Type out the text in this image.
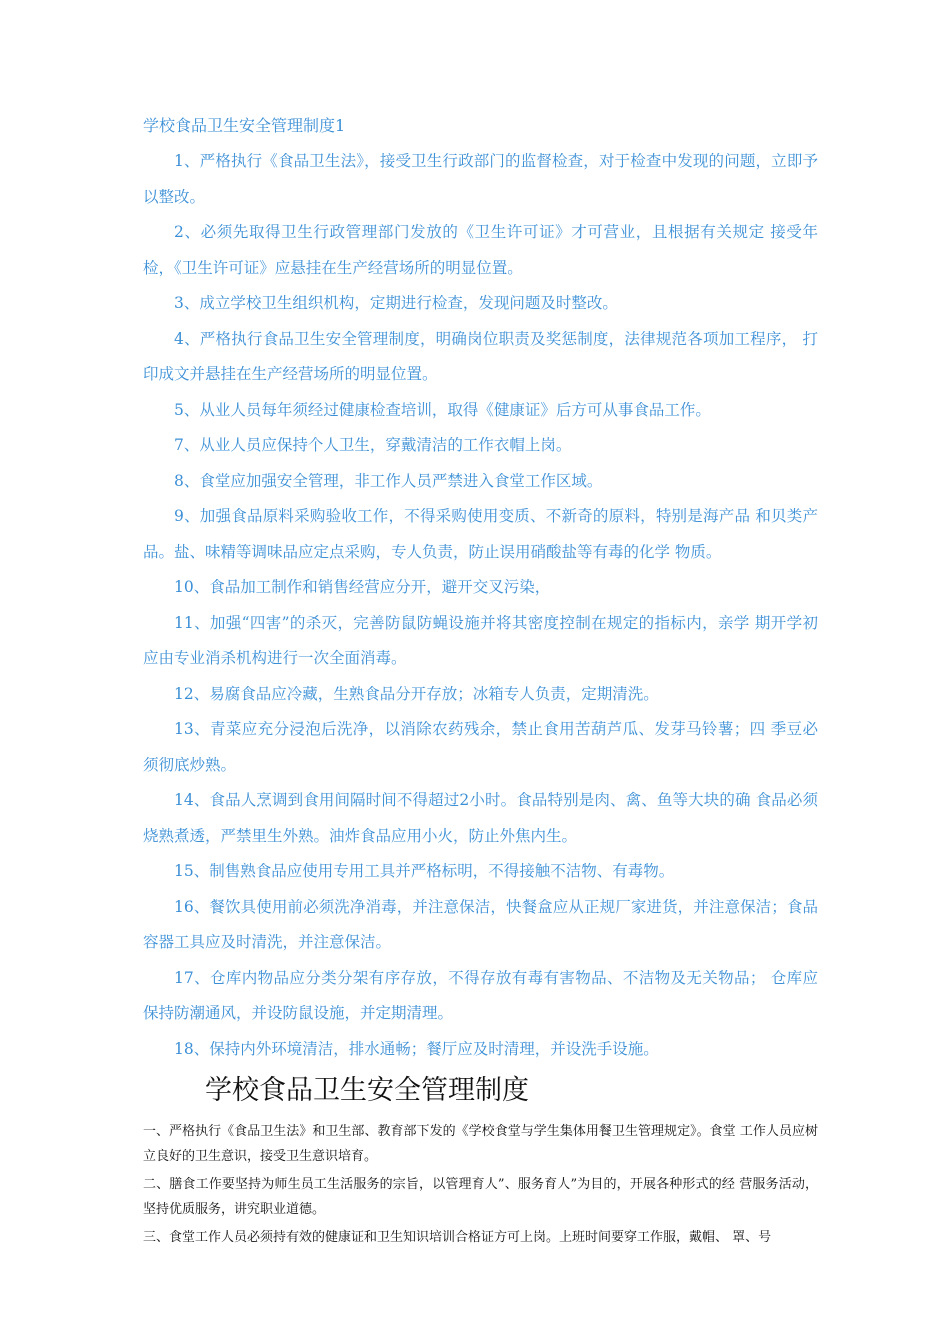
学校食品卫生安全管理制度1

1、严格执行《食品卫生法》，接受卫生行政部门的监督检查，对于检查中发现的问题，立即予以整改。

2、必须先取得卫生行政管理部门发放的《卫生许可证》才可营业，且根据有关规定 接受年检，《卫生许可证》应悬挂在生产经营场所的明显位置。

3、成立学校卫生组织机构，定期进行检查，发现问题及时整改。

4、严格执行食品卫生安全管理制度，明确岗位职责及奖惩制度，法律规范各项加工程序， 打印成文并悬挂在生产经营场所的明显位置。

5、从业人员每年须经过健康检查培训，取得《健康证》后方可从事食品工作。

7、从业人员应保持个人卫生，穿戴清洁的工作衣帽上岗。

8、食堂应加强安全管理，非工作人员严禁进入食堂工作区域。

9、加强食品原料采购验收工作，不得采购使用变质、不新奇的原料，特别是海产品 和贝类产品。盐、味精等调味品应定点采购，专人负责，防止误用硝酸盐等有毒的化学 物质。

10、食品加工制作和销售经营应分开，避开交叉污染，

11、加强“四害”的杀灭，完善防鼠防蝇设施并将其密度控制在规定的指标内，亲学 期开学初应由专业消杀机构进行一次全面消毒。

12、易腐食品应冷藏，生熟食品分开存放；冰箱专人负责，定期清洗。

13、青菜应充分浸泡后洗净，以消除农药残余，禁止食用苦葫芦瓜、发芽马铃薯；四 季豆必须彻底炒熟。

14、食品人烹调到食用间隔时间不得超过2小时。食品特别是肉、禽、鱼等大块的确 食品必须烧熟煮透，严禁里生外熟。油炸食品应用小火，防止外焦内生。

15、制售熟食品应使用专用工具并严格标明，不得接触不洁物、有毒物。

16、餐饮具使用前必须洗净消毒，并注意保洁，快餐盒应从正规厂家进货，并注意保洁；食品容器工具应及时清洗，并注意保洁。

17、仓库内物品应分类分架有序存放，不得存放有毒有害物品、不洁物及无关物品； 仓库应保持防潮通风，并设防鼠设施，并定期清理。

18、保持内外环境清洁，排水通畅；餐厅应及时清理，并设洗手设施。

学校食品卫生安全管理制度

一、严格执行《食品卫生法》和卫生部、教育部下发的《学校食堂与学生集体用餐卫生管理规定》。食堂 工作人员应树立良好的卫生意识，接受卫生意识培育。

二、膳食工作要坚持为师生员工生活服务的宗旨，以管理育人”、服务育人”为目的，开展各种形式的经 营服务活动，坚持优质服务，讲究职业道德。

三、食堂工作人员必须持有效的健康证和卫生知识培训合格证方可上岗。上班时间要穿工作服，戴帽、 罩、号
